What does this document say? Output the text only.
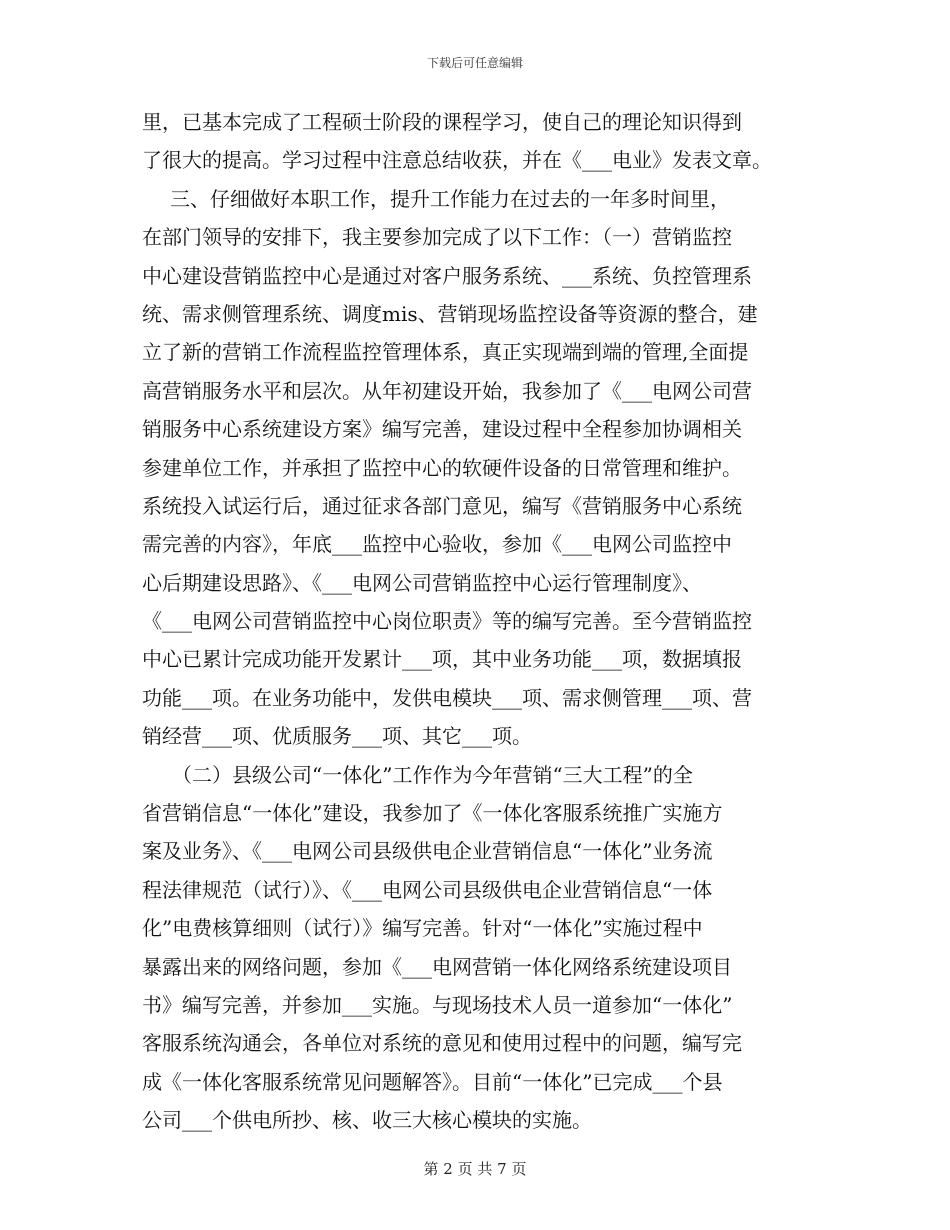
下载后可任意编辑
里，已基本完成了工程硕士阶段的课程学习，使自己的理论知识得到
了很大的提高。学习过程中注意总结收获，并在《___电业》发表文章。
三、仔细做好本职工作，提升工作能力在过去的一年多时间里，
在部门领导的安排下，我主要参加完成了以下工作：（一）营销监控
中心建设营销监控中心是通过对客户服务系统、___系统、负控管理系
统、需求侧管理系统、调度mis、营销现场监控设备等资源的整合，建
立了新的营销工作流程监控管理体系，真正实现端到端的管理,全面提
高营销服务水平和层次。从年初建设开始，我参加了《___电网公司营
销服务中心系统建设方案》编写完善，建设过程中全程参加协调相关
参建单位工作，并承担了监控中心的软硬件设备的日常管理和维护。
系统投入试运行后，通过征求各部门意见，编写《营销服务中心系统
需完善的内容》，年底___监控中心验收，参加《___电网公司监控中
心后期建设思路》、《___电网公司营销监控中心运行管理制度》、
《___电网公司营销监控中心岗位职责》等的编写完善。至今营销监控
中心已累计完成功能开发累计___项，其中业务功能___项，数据填报
功能___项。在业务功能中，发供电模块___项、需求侧管理___项、营
销经营___项、优质服务___项、其它___项。
（二）县级公司“一体化”工作作为今年营销“三大工程”的全
省营销信息“一体化”建设，我参加了《一体化客服系统推广实施方
案及业务》、《___电网公司县级供电企业营销信息“一体化”业务流
程法律规范（试行）》、《___电网公司县级供电企业营销信息“一体
化”电费核算细则（试行）》编写完善。针对“一体化”实施过程中
暴露出来的网络问题，参加《___电网营销一体化网络系统建设项目
书》编写完善，并参加___实施。与现场技术人员一道参加“一体化”
客服系统沟通会，各单位对系统的意见和使用过程中的问题，编写完
成《一体化客服系统常见问题解答》。目前“一体化”已完成___个县
公司___个供电所抄、核、收三大核心模块的实施。
第 2 页 共 7 页
